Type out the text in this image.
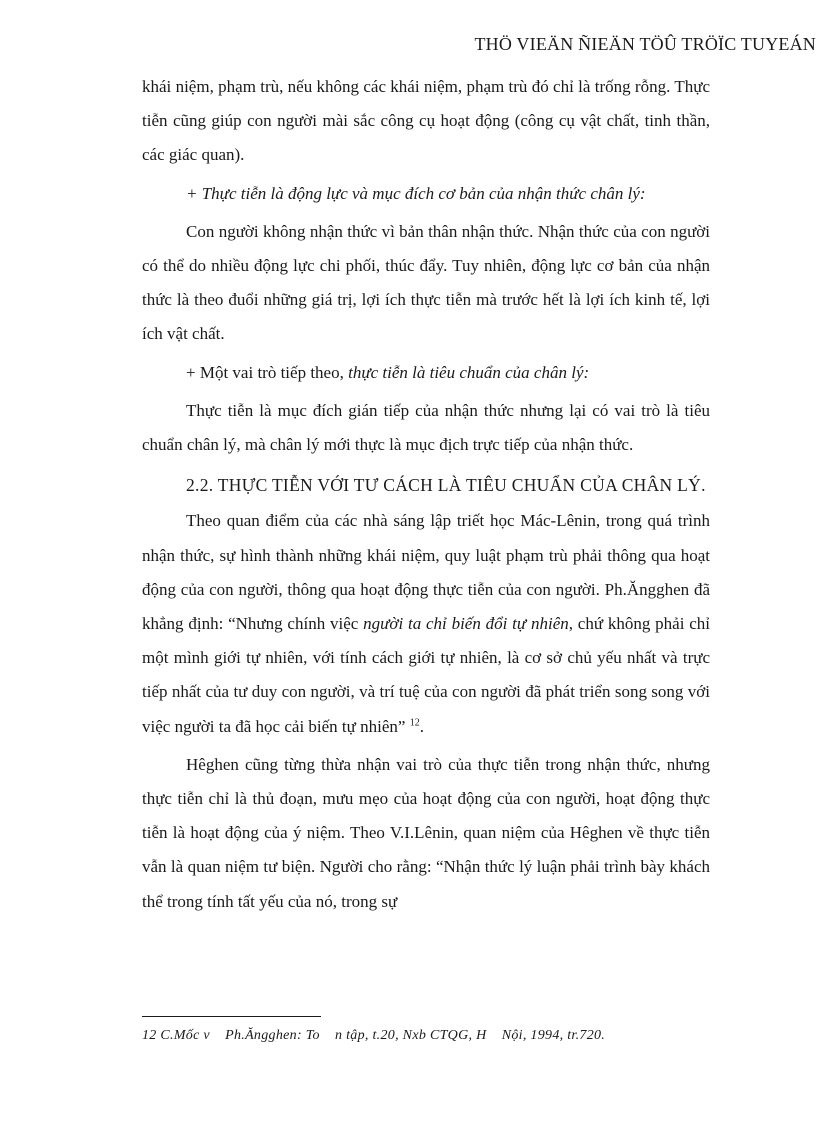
THÖ VIEÄN ÑIEÄN TÖÛ TRÖÏC TUYEÁN

khái niệm, phạm trù, nếu không các khái niệm, phạm trù đó chỉ là trống rỗng. Thực tiễn cũng giúp con người mài sắc công cụ hoạt động (công cụ vật chất, tinh thần, các giác quan).

+ Thực tiễn là động lực và mục đích cơ bản của nhận thức chân lý:

Con người không nhận thức vì bản thân nhận thức. Nhận thức của con người có thể do nhiều động lực chi phối, thúc đẩy. Tuy nhiên, động lực cơ bản của nhận thức là theo đuổi những giá trị, lợi ích thực tiễn mà trước hết là lợi ích kinh tế, lợi ích vật chất.

+ Một vai trò tiếp theo, thực tiễn là tiêu chuẩn của chân lý:

Thực tiễn là mục đích gián tiếp của nhận thức nhưng lại có vai trò là tiêu chuẩn chân lý, mà chân lý mới thực là mục địch trực tiếp của nhận thức.

2.2. THỰC TIỄN VỚI TƯ CÁCH LÀ TIÊU CHUẨN CỦA CHÂN LÝ.

Theo quan điểm của các nhà sáng lập triết học Mác-Lênin, trong quá trình nhận thức, sự hình thành những khái niệm, quy luật phạm trù phải thông qua hoạt động của con người, thông qua hoạt động thực tiễn của con người. Ph.Ăngghen đã khẳng định: “Nhưng chính việc người ta chỉ biến đổi tự nhiên, chứ không phải chỉ một mình giới tự nhiên, với tính cách giới tự nhiên, là cơ sở chủ yếu nhất và trực tiếp nhất của tư duy con người, và trí tuệ của con người đã phát triển song song với việc người ta đã học cải biến tự nhiên” $^{12}$.

Hêghen cũng từng thừa nhận vai trò của thực tiễn trong nhận thức, nhưng thực tiễn chỉ là thủ đoạn, mưu mẹo của hoạt động của con người, hoạt động thực tiễn là hoạt động của ý niệm. Theo V.I.Lênin, quan niệm của Hêghen về thực tiễn vẫn là quan niệm tư biện. Người cho rằng: “Nhận thức lý luận phải trình bày khách thể trong tính tất yếu của nó, trong sự

12 C.Mốc v    Ph.Ăngghen: To    n tập, t.20, Nxb CTQG, H    Nội, 1994, tr.720.
